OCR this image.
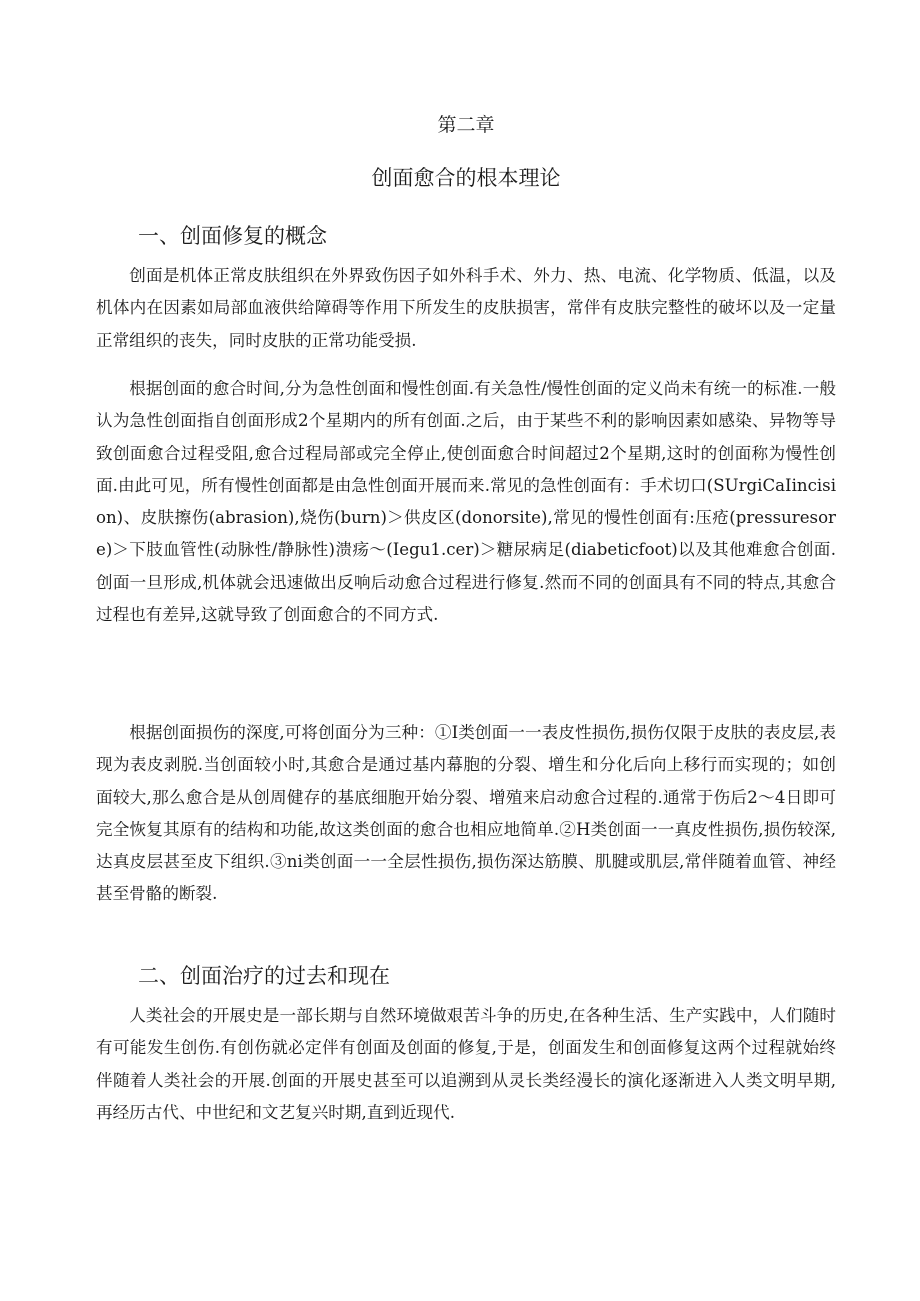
第二章
创面愈合的根本理论
一、创面修复的概念

创面是机体正常皮肤组织在外界致伤因子如外科手术、外力、热、电流、化学物质、低温，以及机体内在因素如局部血液供给障碍等作用下所发生的皮肤损害，常伴有皮肤完整性的破坏以及一定量正常组织的丧失，同时皮肤的正常功能受损.

根据创面的愈合时间,分为急性创面和慢性创面.有关急性/慢性创面的定义尚未有统一的标准.一般认为急性创面指自创面形成2个星期内的所有创面.之后，由于某些不利的影响因素如感染、异物等导致创面愈合过程受阻,愈合过程局部或完全停止,使创面愈合时间超过2个星期,这时的创面称为慢性创面.由此可见，所有慢性创面都是由急性创面开展而来.常见的急性创面有：手术切口(SUrgiCaIincision)、皮肤擦伤(abrasion),烧伤(burn)＞供皮区(donorsite),常见的慢性创面有:压疮(pressuresore)＞下肢血管性(动脉性/静脉性)溃疡～(Iegu1.cer)＞糖尿病足(diabeticfoot)以及其他难愈合创面.创面一旦形成,机体就会迅速做出反响后动愈合过程进行修复.然而不同的创面具有不同的特点,其愈合过程也有差异,这就导致了创面愈合的不同方式.

根据创面损伤的深度,可将创面分为三种：①I类创面一一表皮性损伤,损伤仅限于皮肤的表皮层,表现为表皮剥脱.当创面较小时,其愈合是通过基内幕胞的分裂、增生和分化后向上移行而实现的；如创面较大,那么愈合是从创周健存的基底细胞开始分裂、增殖来启动愈合过程的.通常于伤后2～4日即可完全恢复其原有的结构和功能,故这类创面的愈合也相应地简单.②H类创面一一真皮性损伤,损伤较深,达真皮层甚至皮下组织.③ni类创面一一全层性损伤,损伤深达筋膜、肌腱或肌层,常伴随着血管、神经甚至骨骼的断裂.

二、创面治疗的过去和现在

人类社会的开展史是一部长期与自然环境做艰苦斗争的历史,在各种生活、生产实践中，人们随时有可能发生创伤.有创伤就必定伴有创面及创面的修复,于是，创面发生和创面修复这两个过程就始终伴随着人类社会的开展.创面的开展史甚至可以追溯到从灵长类经漫长的演化逐渐进入人类文明早期,再经历古代、中世纪和文艺复兴时期,直到近现代.
